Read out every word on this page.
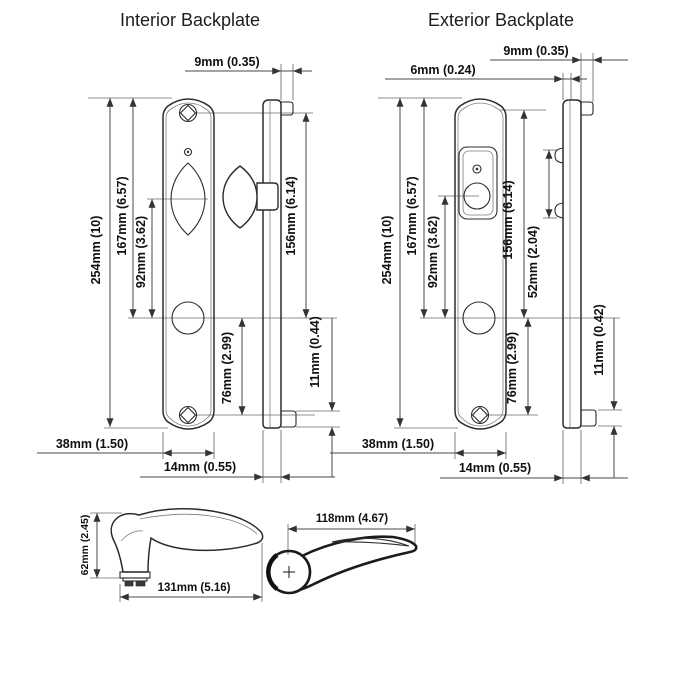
Interior Backplate
254mm (10) 167mm (6.57) 92mm (3.62)	156mm (6.14)
76mm (2.99)	11mm (0.44)
38mm (1.50)
14mm (0.55)
9mm (0.35)
Exterior Backplate
254mm (10) 167mm (6.57) 92mm (3.62)	156mm (6.14)
52mm (2.04)
76mm (2.99)	11mm (0.42)
38mm (1.50)
14mm (0.55)
9mm (0.35)
6mm (0.24)
62mm (2.45)
131mm (5.16)
118mm (4.67)
